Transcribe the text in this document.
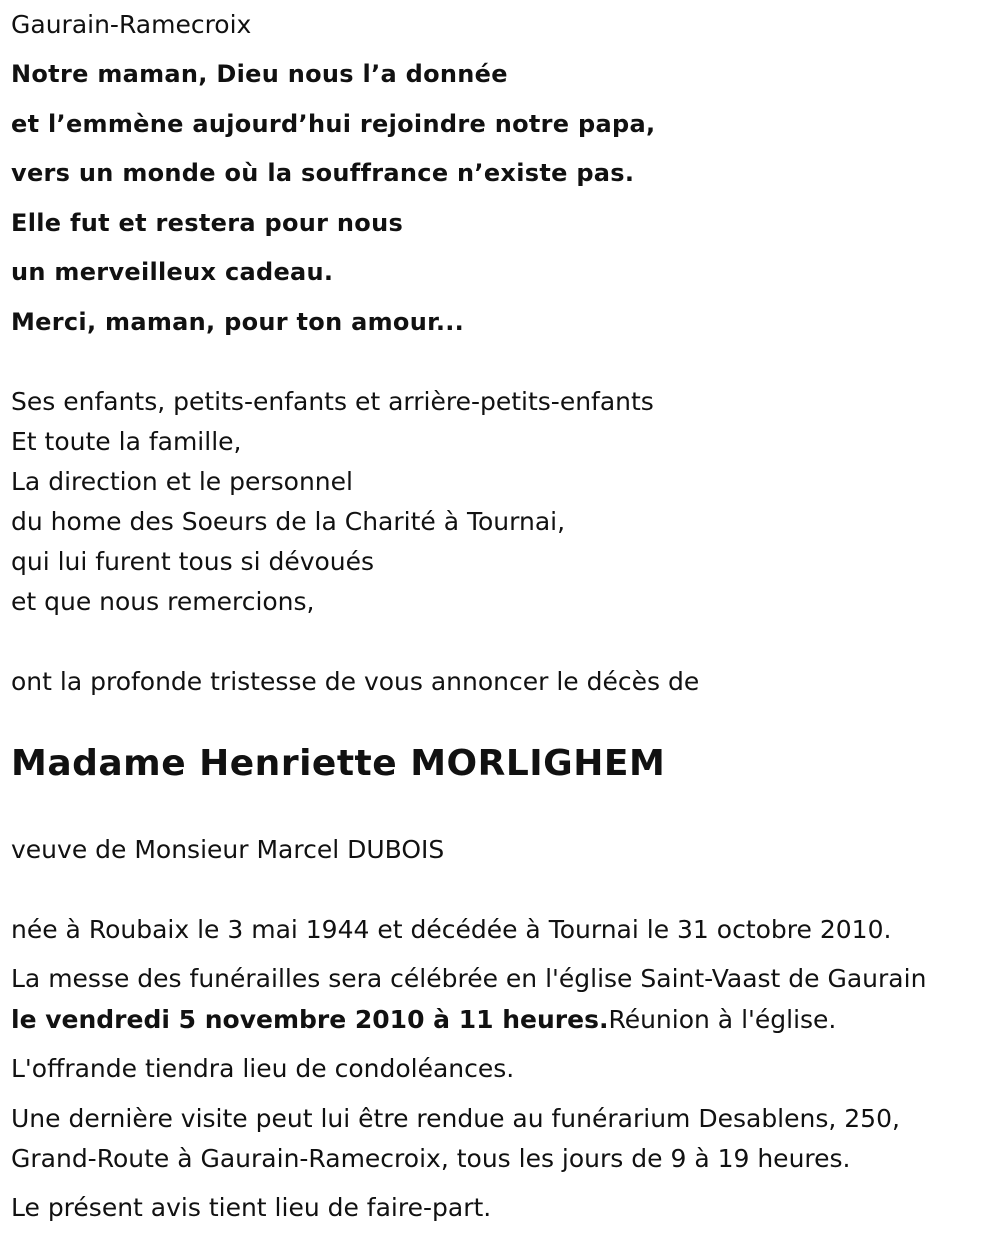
Gaurain-Ramecroix
Notre maman, Dieu nous l’a donnée
et l’emmène aujourd’hui rejoindre notre papa,
vers un monde où la souffrance n’existe pas.
Elle fut et restera pour nous
un merveilleux cadeau.
Merci, maman, pour ton amour...
Ses enfants, petits-enfants et arrière-petits-enfants
Et toute la famille,
La direction et le personnel
du home des Soeurs de la Charité à Tournai,
qui lui furent tous si dévoués
et que nous remercions,
ont la profonde tristesse de vous annoncer le décès de
Madame Henriette MORLIGHEM
veuve de Monsieur Marcel DUBOIS
née à Roubaix le 3 mai 1944 et décédée à Tournai le 31 octobre 2010.
La messe des funérailles sera célébrée en l'église Saint-Vaast de Gaurain
le vendredi 5 novembre 2010 à 11 heures.Réunion à l'église.
L'offrande tiendra lieu de condoléances.
Une dernière visite peut lui être rendue au funérarium Desablens, 250,
Grand-Route à Gaurain-Ramecroix, tous les jours de 9 à 19 heures.
Le présent avis tient lieu de faire-part.
